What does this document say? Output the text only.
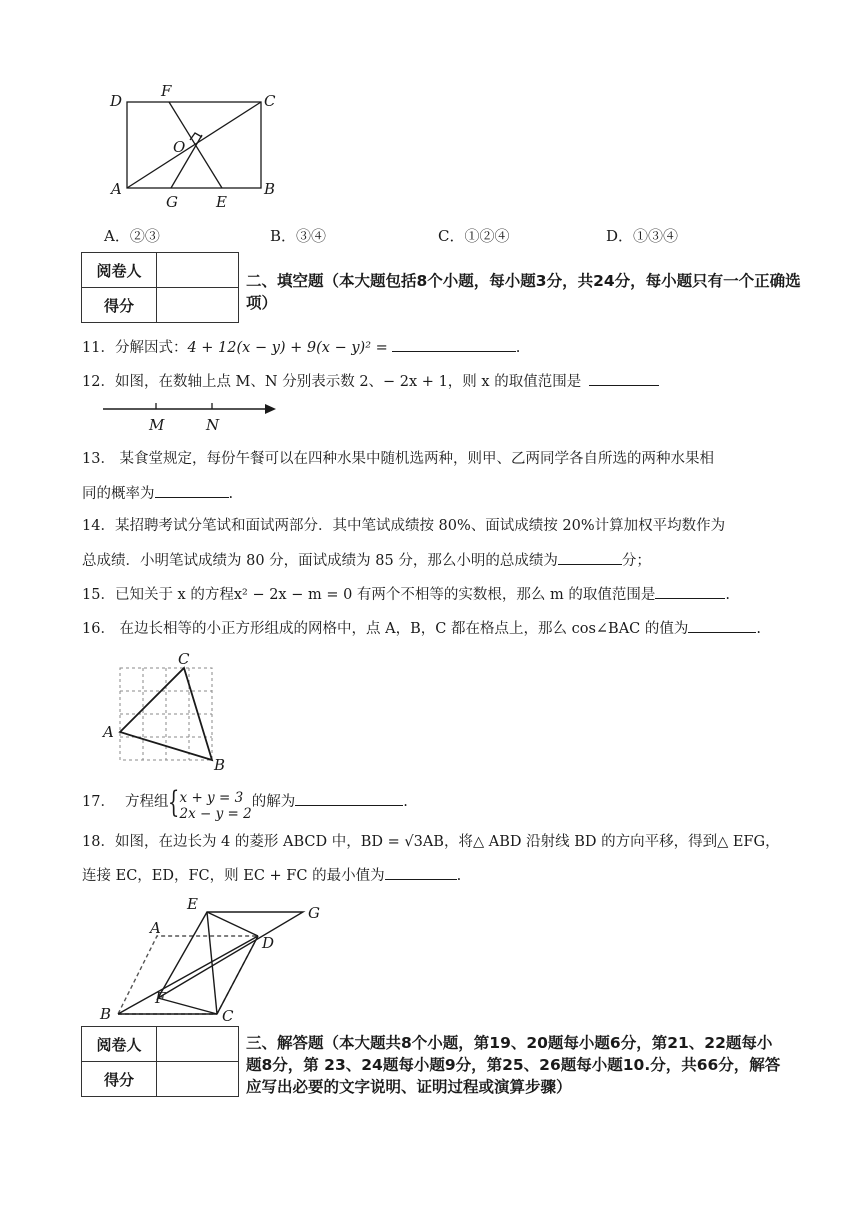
D
F
C
O
A
G	E
B
A．②③	B．③④	C．①②④	D．①③④
阅卷人	
得分	
二、填空题（本大题包括8个小题，每小题3分，共24分，每小题只有一个正确选项）
11．分解因式：4 + 12(x − y) + 9(x − y)² =	.
12．如图，在数轴上点 M、N 分别表示数 2、− 2x + 1，则 x 的取值范围是
M	N
13． 某食堂规定，每份午餐可以在四种水果中随机选两种，则甲、乙两同学各自所选的两种水果相
同的概率为	.
14．某招聘考试分笔试和面试两部分．其中笔试成绩按 80%、面试成绩按 20%计算加权平均数作为
总成绩．小明笔试成绩为 80 分，面试成绩为 85 分，那么小明的总成绩为	分；
15．已知关于 x 的方程x² − 2x − m = 0 有两个不相等的实数根，那么 m 的取值范围是	.
16． 在边长相等的小正方形组成的网格中，点 A，B，C 都在格点上，那么 cos∠BAC 的值为	.
C
A
B
17． 方程组{ x + y = 3
2x − y = 2
的解为	.
18．如图，在边长为 4 的菱形 ABCD 中，BD = √3AB，将△ ABD 沿射线 BD 的方向平移，得到△ EFG，
连接 EC，ED，FC，则 EC + FC 的最小值为	.
E	G
A
D
B
F
C
阅卷人	
得分	
三、解答题（本大题共8个小题，第19、20题每小题6分，第21、22题每小题8分，第 23、24题每小题9分，第25、26题每小题10.分，共66分，解答应写出必要的文字说明、证明过程或演算步骤）
